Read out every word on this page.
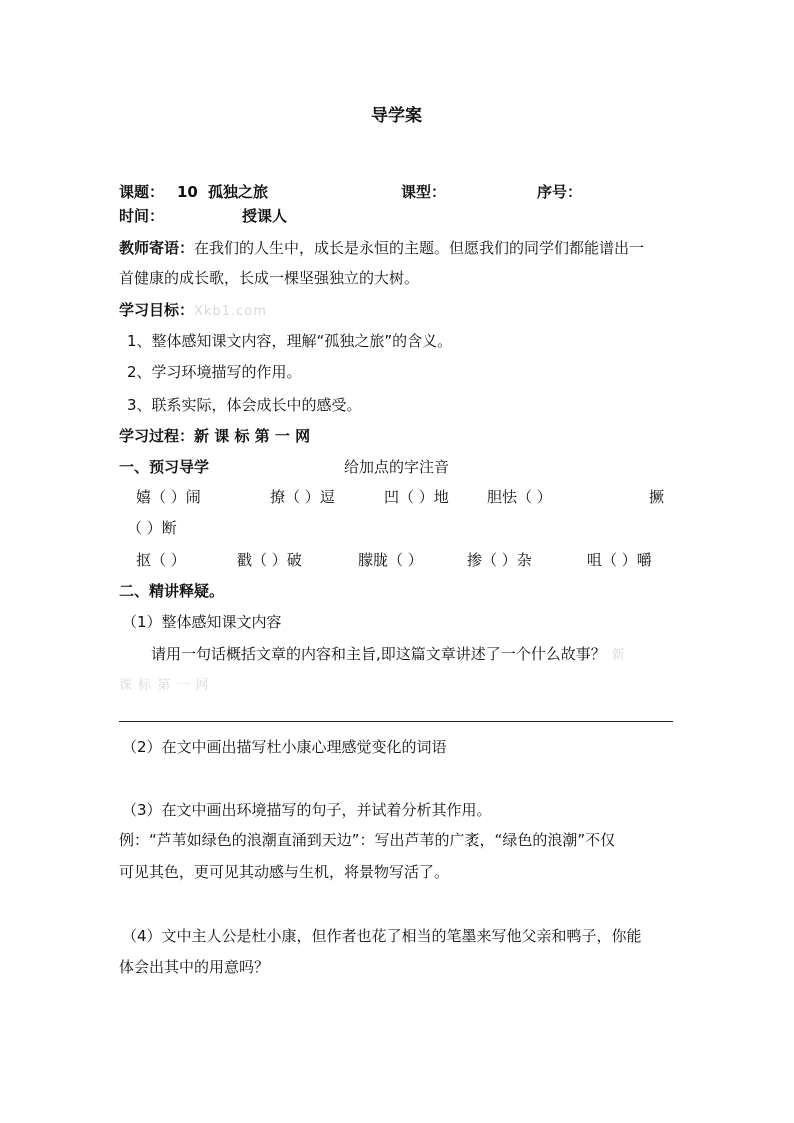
导学案
课题： 10 孤独之旅	课型：	序号：
时间：	授课人
教师寄语：在我们的人生中，成长是永恒的主题。但愿我们的同学们都能谱出一
首健康的成长歌，长成一棵坚强独立的大树。
学习目标：Xkb1.com
1、整体感知课文内容，理解“孤独之旅”的含义。
2、学习环境描写的作用。
3、联系实际，体会成长中的感受。
学习过程：新 课 标 第 一 网
一、预习导学	给加点的字注音
嬉（ ）闹	撩（ ）逗	凹（ ）地	胆怯（ ）	撅
（ ）断
抠（ ）	戳（ ）破	朦胧（ ）	掺（ ）杂	咀（ ）嚼
二、精讲释疑。
（1）整体感知课文内容
请用一句话概括文章的内容和主旨,即这篇文章讲述了一个什么故事？ 新
课 标 第 一 网
（2）在文中画出描写杜小康心理感觉变化的词语
（3）在文中画出环境描写的句子，并试着分析其作用。
例：“芦苇如绿色的浪潮直涌到天边”：写出芦苇的广袤，“绿色的浪潮”不仅
可见其色，更可见其动感与生机，将景物写活了。
（4）文中主人公是杜小康，但作者也花了相当的笔墨来写他父亲和鸭子，你能
体会出其中的用意吗？
